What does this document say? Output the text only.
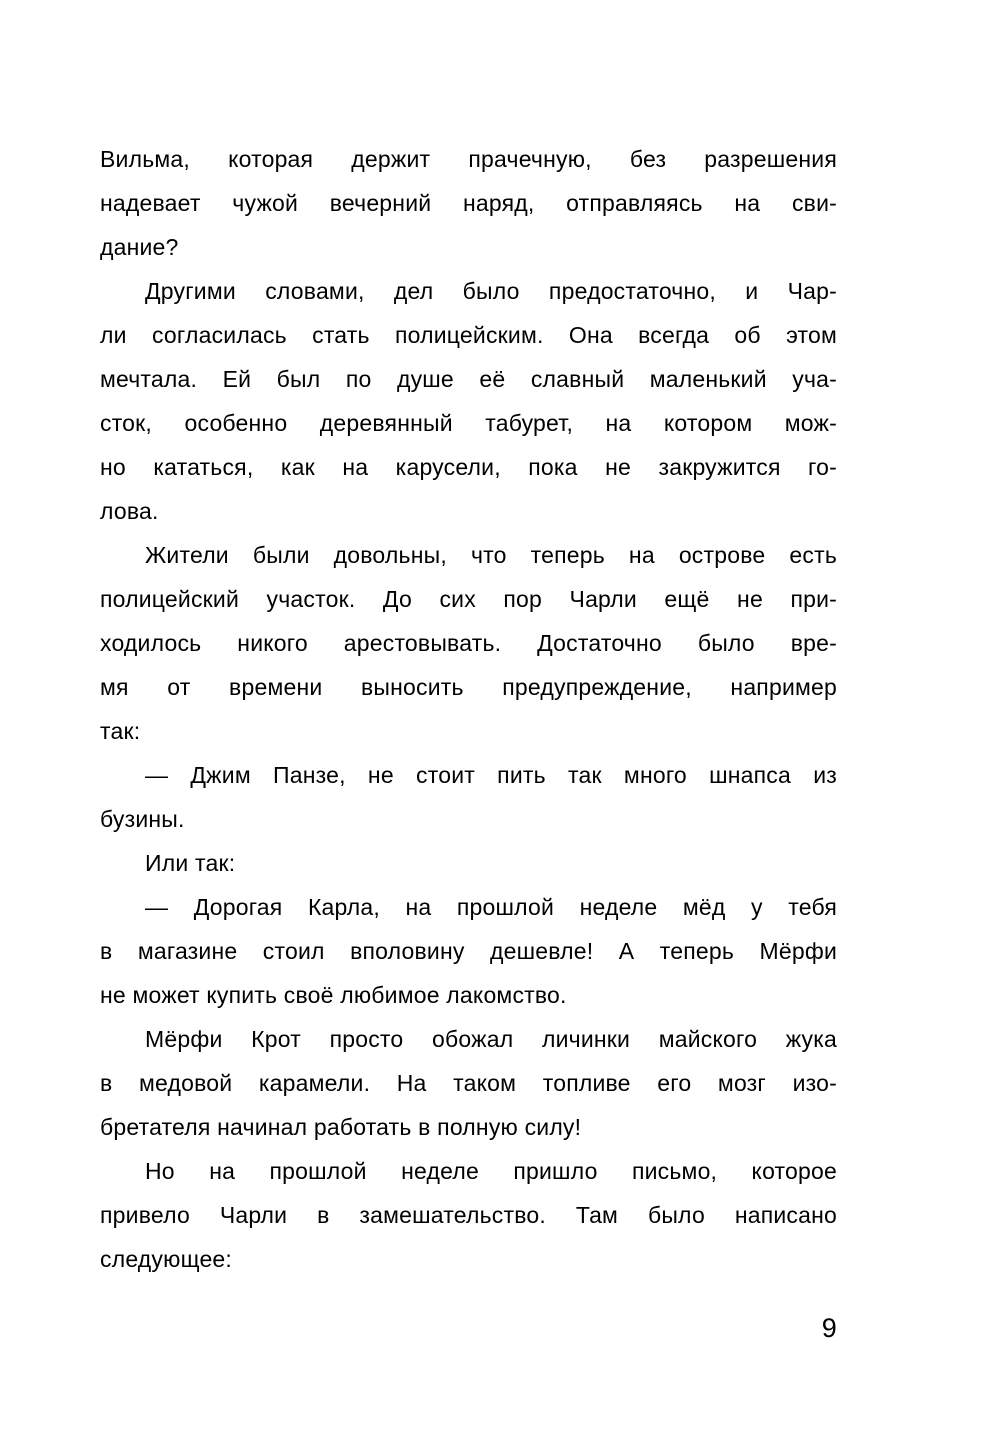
Вильма, которая держит прачечную, без разрешения
надевает чужой вечерний наряд, отправляясь на сви-
дание?
Другими словами, дел было предостаточно, и Чар-
ли согласилась стать полицейским. Она всегда об этом
мечтала. Ей был по душе её славный маленький уча-
сток, особенно деревянный табурет, на котором мож-
но кататься, как на карусели, пока не закружится го-
лова.
Жители были довольны, что теперь на острове есть
полицейский участок. До сих пор Чарли ещё не при-
ходилось никого арестовывать. Достаточно было вре-
мя от времени выносить предупреждение, например
так:
— Джим Панзе, не стоит пить так много шнапса из
бузины.
Или так:
— Дорогая Карла, на прошлой неделе мёд у тебя
в магазине стоил вполовину дешевле! А теперь Мёрфи
не может купить своё любимое лакомство.
Мёрфи Крот просто обожал личинки майского жука
в медовой карамели. На таком топливе его мозг изо-
бретателя начинал работать в полную силу!
Но на прошлой неделе пришло письмо, которое
привело Чарли в замешательство. Там было написано
следующее:
9
